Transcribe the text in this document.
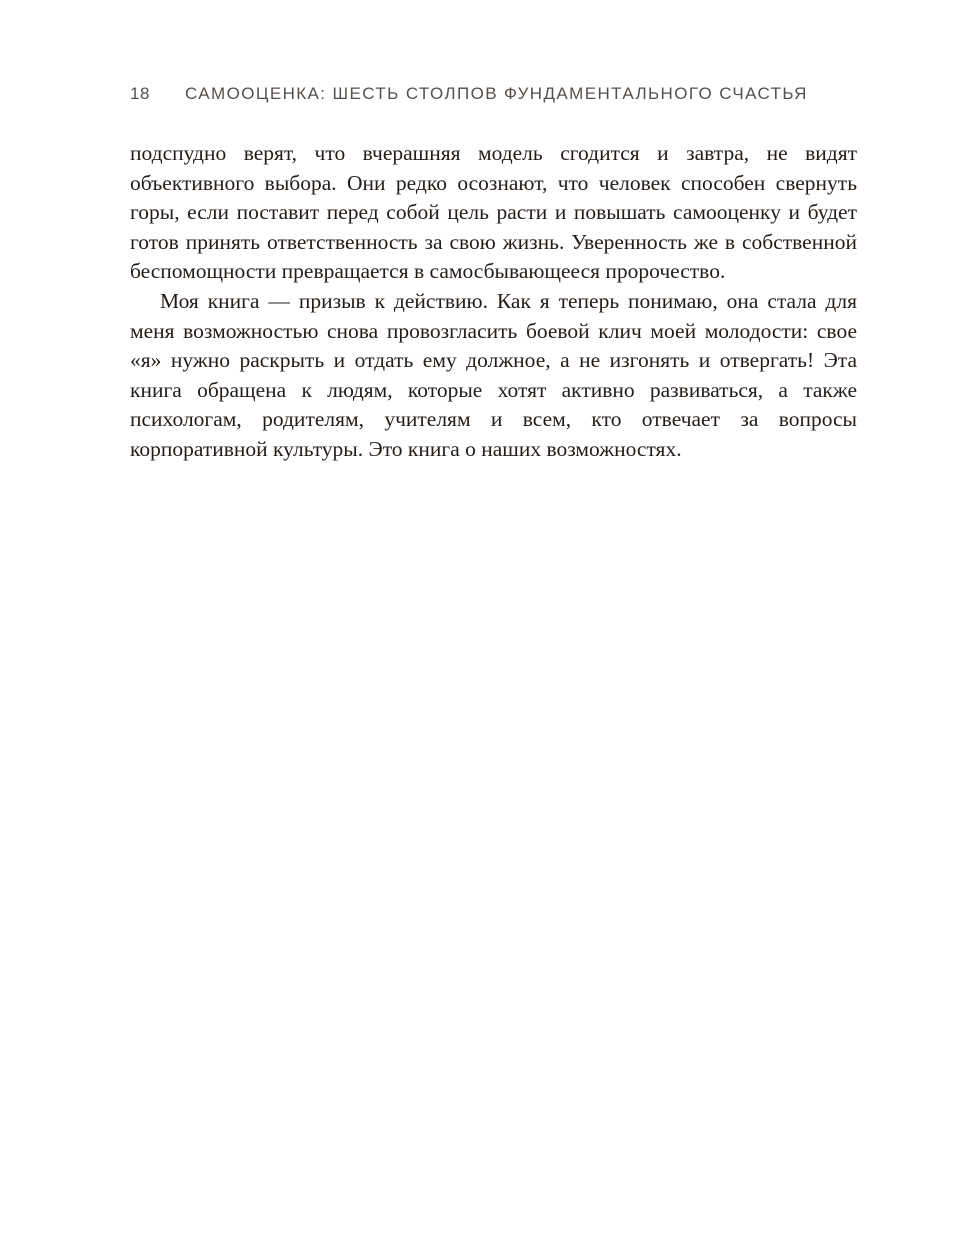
18	САМООЦЕНКА: ШЕСТЬ СТОЛПОВ ФУНДАМЕНТАЛЬНОГО СЧАСТЬЯ

подспудно верят, что вчерашняя модель сгодится и завтра, не видят объективного выбора. Они редко осознают, что человек способен свернуть горы, если поставит перед собой цель расти и повышать самооценку и будет готов принять ответственность за свою жизнь. Уверенность же в собственной беспомощности превращается в самосбывающееся пророчество.

Моя книга — призыв к действию. Как я теперь понимаю, она стала для меня возможностью снова провозгласить боевой клич моей молодости: свое «я» нужно раскрыть и отдать ему должное, а не изгонять и отвергать! Эта книга обращена к людям, которые хотят активно развиваться, а также психологам, родителям, учителям и всем, кто отвечает за вопросы корпоративной культуры. Это книга о наших возможностях.
